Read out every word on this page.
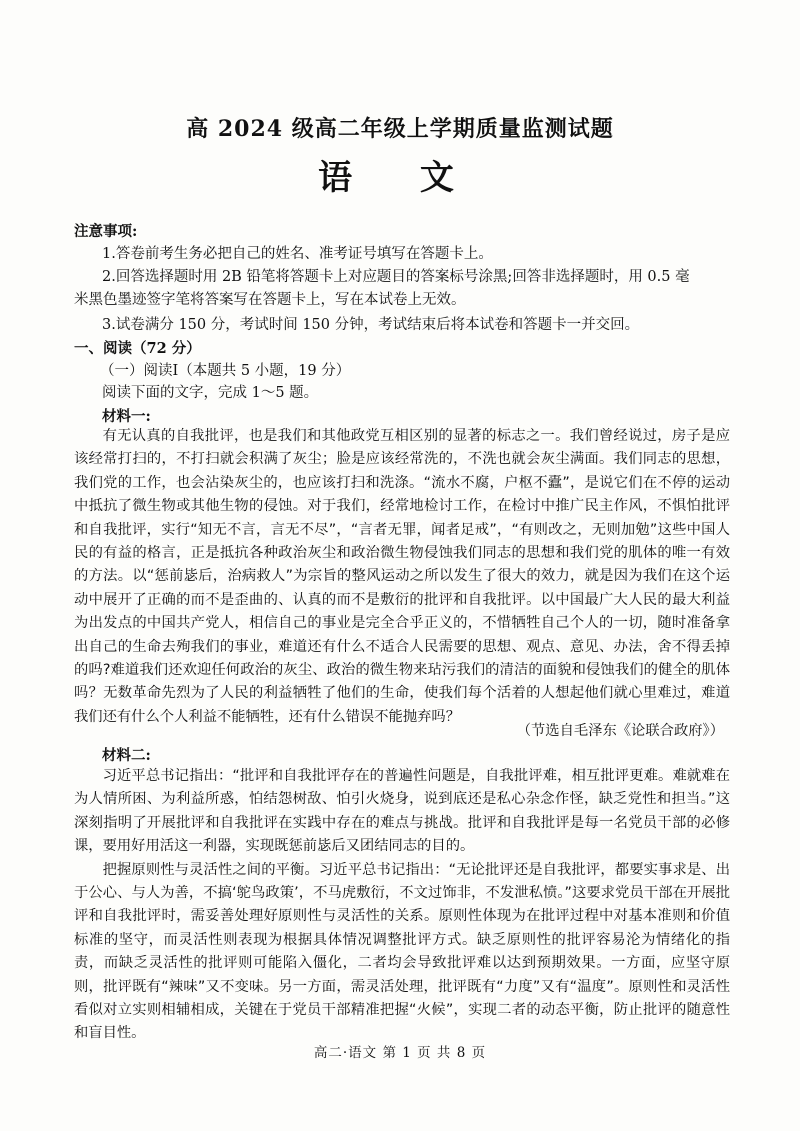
高 2024 级高二年级上学期质量监测试题
语 文
注意事项:
1.答卷前考生务必把自己的姓名、准考证号填写在答题卡上。
2.回答选择题时用 2B 铅笔将答题卡上对应题目的答案标号涂黑;回答非选择题时，用 0.5 毫
米黑色墨迹签字笔将答案写在答题卡上，写在本试卷上无效。
3.试卷满分 150 分，考试时间 150 分钟，考试结束后将本试卷和答题卡一并交回。
一、阅读（72 分）
（一）阅读Ⅰ（本题共 5 小题，19 分）
阅读下面的文字，完成 1～5 题。
材料一:

有无认真的自我批评，也是我们和其他政党互相区别的显著的标志之一。我们曾经说过，房子是应该经常打扫的，不打扫就会积满了灰尘；脸是应该经常洗的，不洗也就会灰尘满面。我们同志的思想，我们党的工作，也会沾染灰尘的，也应该打扫和洗涤。“流水不腐，户枢不蠹”，是说它们在不停的运动中抵抗了微生物或其他生物的侵蚀。对于我们，经常地检讨工作，在检讨中推广民主作风，不惧怕批评和自我批评，实行“知无不言，言无不尽”，“言者无罪，闻者足戒”，“有则改之，无则加勉”这些中国人民的有益的格言，正是抵抗各种政治灰尘和政治微生物侵蚀我们同志的思想和我们党的肌体的唯一有效的方法。以“惩前毖后，治病救人”为宗旨的整风运动之所以发生了很大的效力，就是因为我们在这个运动中展开了正确的而不是歪曲的、认真的而不是敷衍的批评和自我批评。以中国最广大人民的最大利益为出发点的中国共产党人，相信自己的事业是完全合乎正义的，不惜牺牲自己个人的一切，随时准备拿出自己的生命去殉我们的事业，难道还有什么不适合人民需要的思想、观点、意见、办法，舍不得丢掉的吗?难道我们还欢迎任何政治的灰尘、政治的微生物来玷污我们的清洁的面貌和侵蚀我们的健全的肌体吗？无数革命先烈为了人民的利益牺牲了他们的生命，使我们每个活着的人想起他们就心里难过，难道我们还有什么个人利益不能牺牲，还有什么错误不能抛弃吗？

（节选自毛泽东《论联合政府》）
材料二:

习近平总书记指出：“批评和自我批评存在的普遍性问题是，自我批评难，相互批评更难。难就难在为人情所困、为利益所惑，怕结怨树敌、怕引火烧身，说到底还是私心杂念作怪，缺乏党性和担当。”这深刻指明了开展批评和自我批评在实践中存在的难点与挑战。批评和自我批评是每一名党员干部的必修课，要用好用活这一利器，实现既惩前毖后又团结同志的目的。

把握原则性与灵活性之间的平衡。习近平总书记指出：“无论批评还是自我批评，都要实事求是、出于公心、与人为善，不搞‘鸵鸟政策’，不马虎敷衍，不文过饰非，不发泄私愤。”这要求党员干部在开展批评和自我批评时，需妥善处理好原则性与灵活性的关系。原则性体现为在批评过程中对基本准则和价值标准的坚守，而灵活性则表现为根据具体情况调整批评方式。缺乏原则性的批评容易沦为情绪化的指责，而缺乏灵活性的批评则可能陷入僵化，二者均会导致批评难以达到预期效果。一方面，应坚守原则，批评既有“辣味”又不变味。另一方面，需灵活处理，批评既有“力度”又有“温度”。原则性和灵活性看似对立实则相辅相成，关键在于党员干部精准把握“火候”，实现二者的动态平衡，防止批评的随意性和盲目性。

高二·语文 第 1 页 共 8 页
